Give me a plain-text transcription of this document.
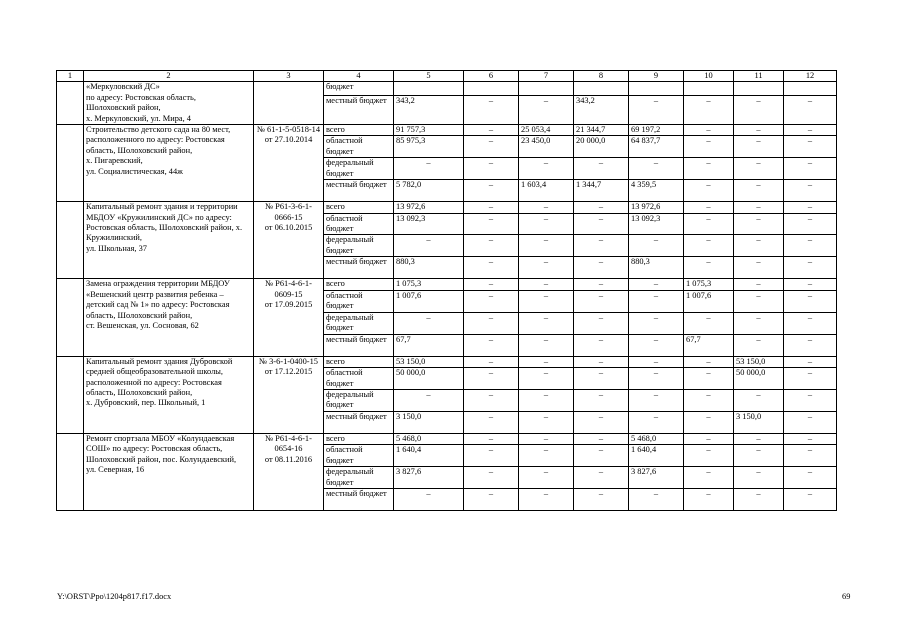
1	2	3	4	5	6	7	8	9	10	11	12
	«Меркуловский ДС»
по адресу: Ростовская область,
Шолоховский район,
х. Меркуловский, ул. Мира, 4		бюджет								
			местный бюджет	343,2	–	–	343,2	–	–	–	–
	Строительство детского сада на 80 мест, расположенного по адресу: Ростовская область, Шолоховский район,
х. Пигаревский,
ул. Социалистическая, 44ж	№ 61-1-5-0518-14
от 27.10.2014	всего	91 757,3	–	25 053,4	21 344,7	69 197,2	–	–	–
			областной бюджет	85 975,3	–	23 450,0	20 000,0	64 837,7	–	–	–
			федеральный бюджет	–	–	–	–	–	–	–	–
			местный бюджет	5 782,0	–	1 603,4	1 344,7	4 359,5	–	–	–
	Капитальный ремонт здания и территории МБДОУ «Кружилинский ДС» по адресу: Ростовская область, Шолоховский район, х. Кружилинский,
ул. Школьная, 37	№ Р61-3-6-1-
0666-15
от 06.10.2015	всего	13 972,6	–	–	–	13 972,6	–	–	–
			областной бюджет	13 092,3	–	–	–	13 092,3	–	–	–
			федеральный бюджет	–	–	–	–	–	–	–	–
			местный бюджет	880,3	–	–	–	880,3	–	–	–
	Замена ограждения территории МБДОУ «Вешенский центр развития ребенка – детский сад № 1» по адресу: Ростовская область, Шолоховский район,
ст. Вешенская, ул. Сосновая, 62	№ Р61-4-6-1-
0609-15
от 17.09.2015	всего	1 075,3	–	–	–	–	1 075,3	–	–
			областной бюджет	1 007,6	–	–	–	–	1 007,6	–	–
			федеральный бюджет	–	–	–	–	–	–	–	–
			местный бюджет	67,7	–	–	–	–	67,7	–	–
	Капитальный ремонт здания Дубровской средней общеобразовательной школы, расположенной по адресу: Ростовская область, Шолоховский район,
х. Дубровский, пер. Школьный, 1	№ 3-6-1-0400-15
от 17.12.2015	всего	53 150,0	–	–	–	–	–	53 150,0	–
			областной бюджет	50 000,0	–	–	–	–	–	50 000,0	–
			федеральный бюджет	–	–	–	–	–	–	–	–
			местный бюджет	3 150,0	–	–	–	–	–	3 150,0	–
	Ремонт спортзала МБОУ «Колундаевская СОШ» по адресу: Ростовская область, Шолоховский район, пос. Колундаевский,
ул. Северная, 16	№ Р61-4-6-1-
0654-16
от 08.11.2016	всего	5 468,0	–	–	–	5 468,0	–	–	–
			областной бюджет	1 640,4	–	–	–	1 640,4	–	–	–
			федеральный бюджет	3 827,6	–	–	–	3 827,6	–	–	–
			местный бюджет	–	–	–	–	–	–	–	–
Y:\ORST\Ppo\1204p817.f17.docx	69
